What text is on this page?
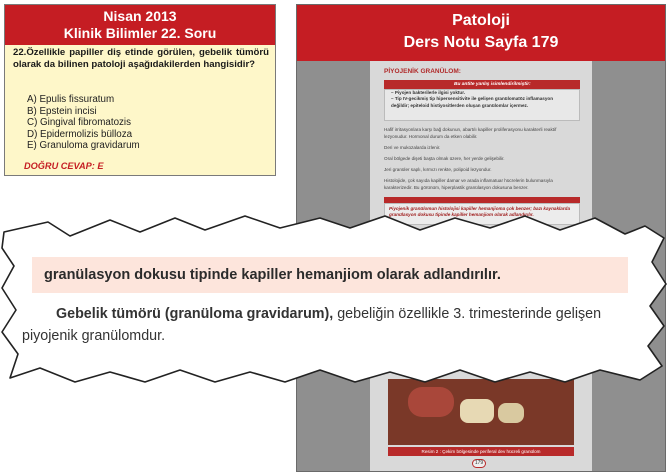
Nisan 2013
Klinik Bilimler 22. Soru
22.Özellikle papiller diş etinde görülen, gebelik tümörü olarak da bilinen patoloji aşağıdakilerden hangisidir?
A) Epulis fissuratum
B) Epstein incisi
C) Gingival fibromatozis
D) Epidermolizis bülloza
E) Granuloma gravidarum
DOĞRU CEVAP: E
Patoloji
Ders Notu Sayfa 179
PİYOJENİK GRANÜLOM:
Bu antite yanlış isimlendirilmiştir:
– Piyojen bakterilerle ilgisi yoktur.
– Tip IV-gecikmiş tip hipersensitivite ile gelişen granülomatöz inflamasyon
değildir; epiteloid histiyositlerden oluşan granülomlar içermez.
Hafif irritasyonlara karşı bağ dokunun, abartılı kapiller proliferasyonu karakterli reaktif lezyonudur. Hormonal durum da etken olabilir.
Deri ve mukozalarda izlenir.
Oral bölgede dişeti başta olmak üzere, her yerde gelişebilir.
Jeri granüler saplı, kırmızı renkte, polipoid lezyondur.
Histolojide, çok sayıda kapiller damar ve arada inflamatuar hücrelerin bulunmasıyla karakterizedir. Bu görünüm, hiperplastik granülasyon dokusuna benzer.
Piyojenik granülomun histolojisi kapiller hemanjioma çok benzer; bazı kaynaklarda
granülasyon dokusu tipinde kapiller hemanjiom olarak adlandırılır.
Resim 2 : Çekim bölgesinde periferal dev hücreli granülom
179
granülasyon dokusu tipinde kapiller hemanjiom olarak adlandırılır.
Gebelik tümörü (granüloma gravidarum), gebeliğin özellikle 3. trimesterinde gelişen
piyojenik granülomdur.
